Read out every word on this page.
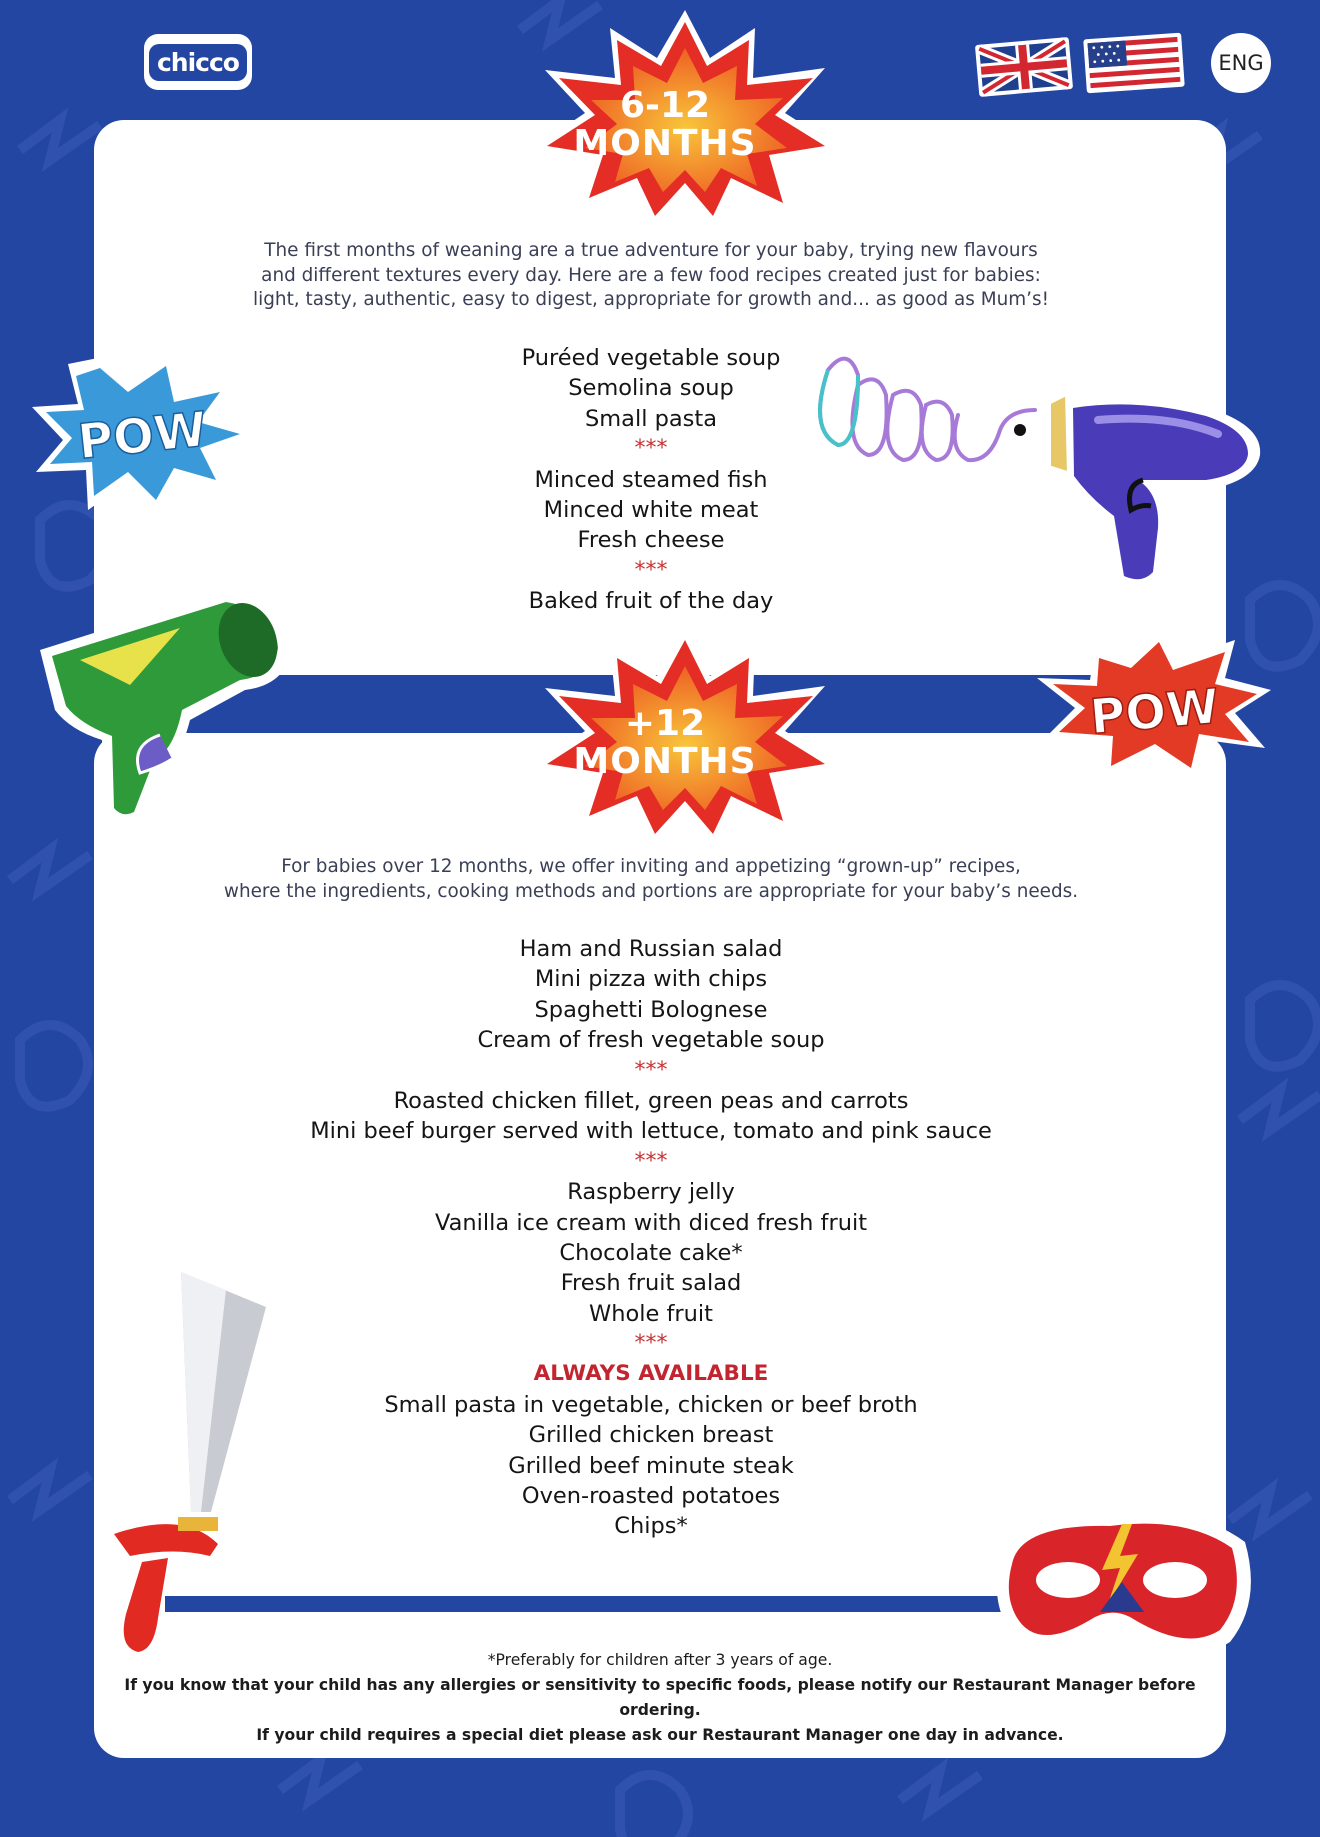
chicco	ENG
6-12
MONTHS
The first months of weaning are a true adventure for your baby, trying new flavours
and different textures every day. Here are a few food recipes created just for babies:
light, tasty, authentic, easy to digest, appropriate for growth and... as good as Mum’s!
Puréed vegetable soup
Semolina soup
Small pasta
***
Minced steamed fish
Minced white meat
Fresh cheese
***
Baked fruit of the day
+12
MONTHS
For babies over 12 months, we offer inviting and appetizing “grown-up” recipes,
where the ingredients, cooking methods and portions are appropriate for your baby’s needs.
Ham and Russian salad
Mini pizza with chips
Spaghetti Bolognese
Cream of fresh vegetable soup
***
Roasted chicken fillet, green peas and carrots
Mini beef burger served with lettuce, tomato and pink sauce
***
Raspberry jelly
Vanilla ice cream with diced fresh fruit
Chocolate cake*
Fresh fruit salad
Whole fruit
***
ALWAYS AVAILABLE
Small pasta in vegetable, chicken or beef broth
Grilled chicken breast
Grilled beef minute steak
Oven-roasted potatoes
Chips*
*Preferably for children after 3 years of age.
If you know that your child has any allergies or sensitivity to specific foods, please notify our Restaurant Manager before ordering.
If your child requires a special diet please ask our Restaurant Manager one day in advance.
POW
POW
